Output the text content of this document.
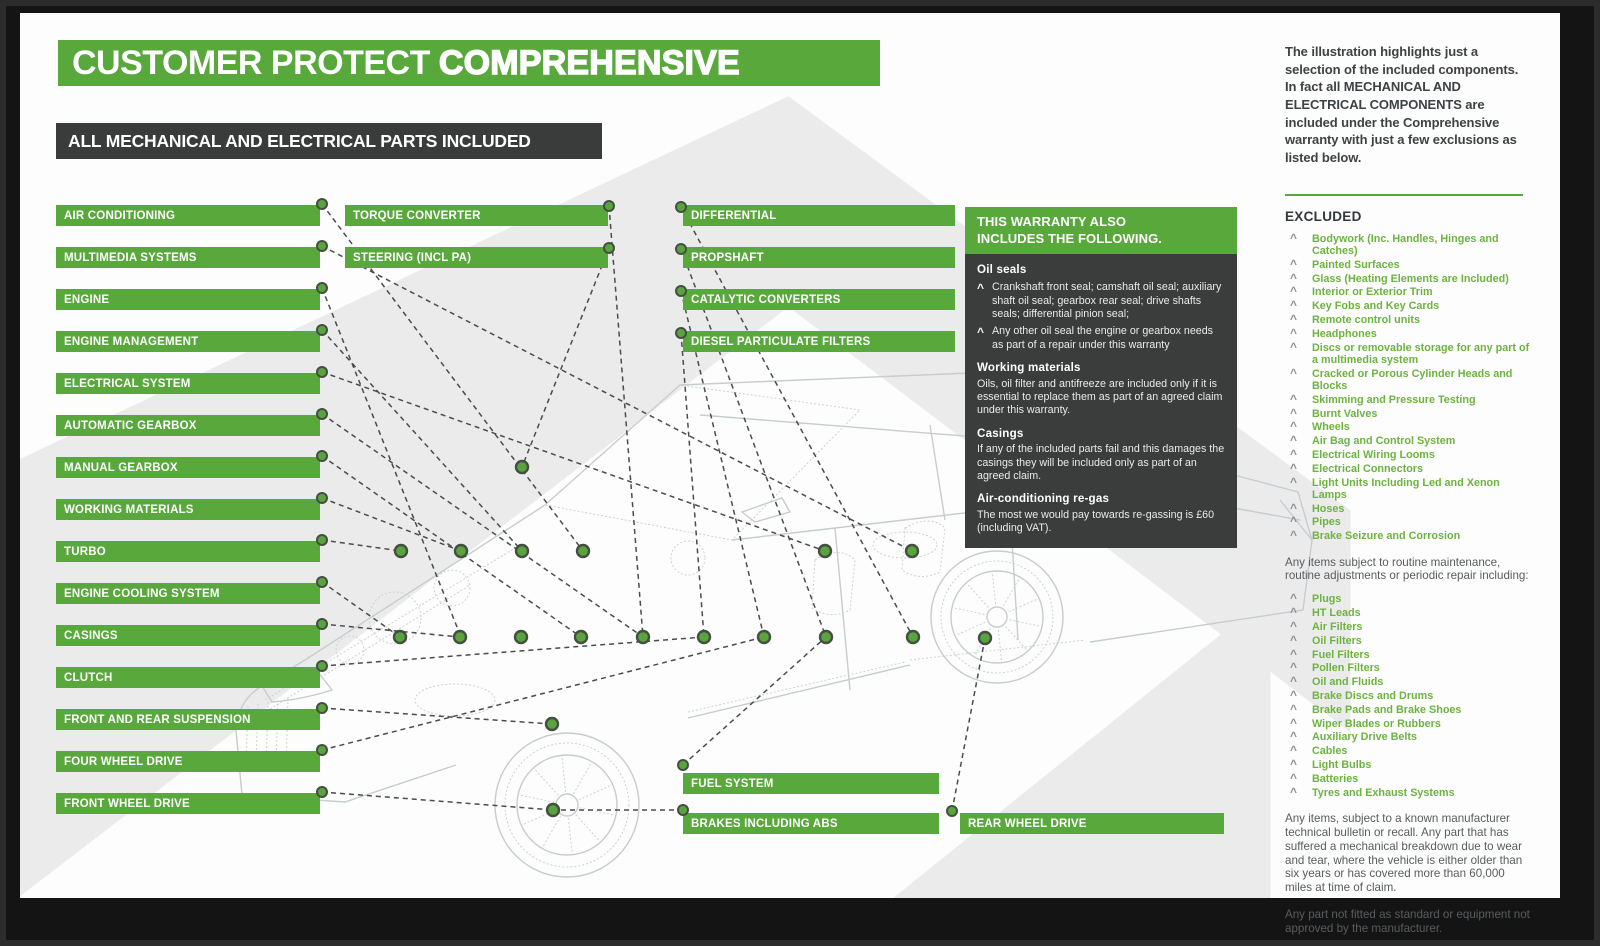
CUSTOMER PROTECT COMPREHENSIVE
ALL MECHANICAL AND ELECTRICAL PARTS INCLUDED
AIR CONDITIONING
MULTIMEDIA SYSTEMS
ENGINE
ENGINE MANAGEMENT
ELECTRICAL SYSTEM
AUTOMATIC GEARBOX
MANUAL GEARBOX
WORKING MATERIALS
TURBO
ENGINE COOLING SYSTEM
CASINGS
CLUTCH
FRONT AND REAR SUSPENSION
FOUR WHEEL DRIVE
FRONT WHEEL DRIVE
TORQUE CONVERTER
STEERING (INCL PA)
DIFFERENTIAL
PROPSHAFT
CATALYTIC CONVERTERS
DIESEL PARTICULATE FILTERS
FUEL SYSTEM
BRAKES INCLUDING ABS	REAR WHEEL DRIVE
THIS WARRANTY ALSO
INCLUDES THE FOLLOWING.
Oil seals
^ Crankshaft front seal; camshaft oil seal; auxiliary shaft oil seal; gearbox rear seal; drive shafts seals; differential pinion seal;
^ Any other oil seal the engine or gearbox needs as part of a repair under this warranty
Working materials
Oils, oil filter and antifreeze are included only if it is essential to replace them as part of an agreed claim under this warranty.
Casings
If any of the included parts fail and this damages the casings they will be included only as part of an agreed claim.
Air-conditioning re-gas
The most we would pay towards re-gassing is £60 (including VAT).
The illustration highlights just a selection of the included components. In fact all MECHANICAL AND ELECTRICAL COMPONENTS are included under the Comprehensive warranty with just a few exclusions as listed below.
EXCLUDED
^ Bodywork (Inc. Handles, Hinges and Catches)
^ Painted Surfaces
^ Glass (Heating Elements are Included)
^ Interior or Exterior Trim
^ Key Fobs and Key Cards
^ Remote control units
^ Headphones
^ Discs or removable storage for any part of a multimedia system
^ Cracked or Porous Cylinder Heads and Blocks
^ Skimming and Pressure Testing
^ Burnt Valves
^ Wheels
^ Air Bag and Control System
^ Electrical Wiring Looms
^ Electrical Connectors
^ Light Units Including Led and Xenon Lamps
^ Hoses
^ Pipes
^ Brake Seizure and Corrosion

Any items subject to routine maintenance, routine adjustments or periodic repair including:

^ Plugs
^ HT Leads
^ Air Filters
^ Oil Filters
^ Fuel Filters
^ Pollen Filters
^ Oil and Fluids
^ Brake Discs and Drums
^ Brake Pads and Brake Shoes
^ Wiper Blades or Rubbers
^ Auxiliary Drive Belts
^ Cables
^ Light Bulbs
^ Batteries
^ Tyres and Exhaust Systems

Any items, subject to a known manufacturer technical bulletin or recall. Any part that has suffered a mechanical breakdown due to wear and tear, where the vehicle is either older than six years or has covered more than 60,000 miles at time of claim.

Any part not fitted as standard or equipment not approved by the manufacturer.
